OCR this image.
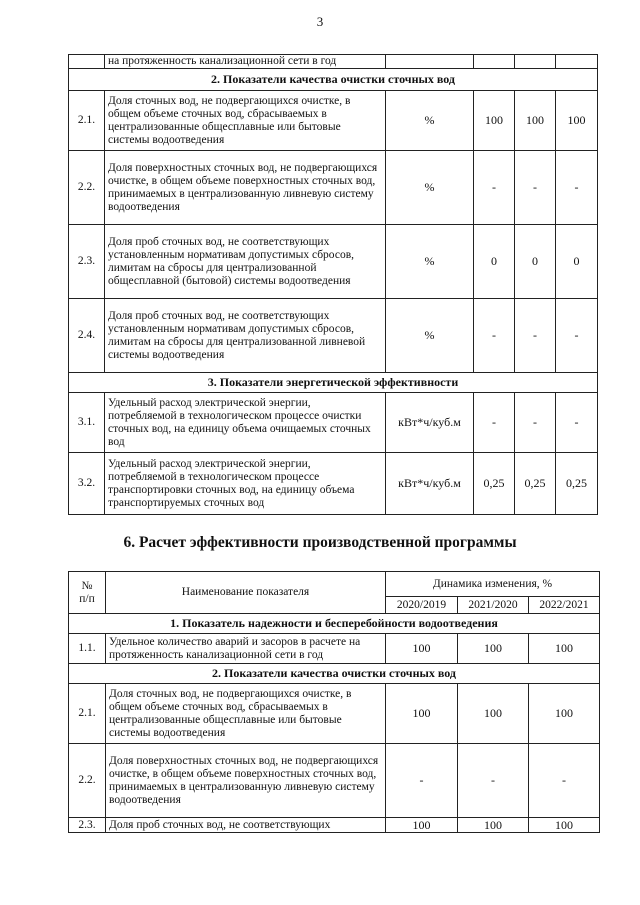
3
	на протяженность канализационной сети в год				
2. Показатели качества очистки сточных вод					
2.1.	Доля сточных вод, не подвергающихся очистке, в общем объеме сточных вод, сбрасываемых в централизованные общесплавные или бытовые системы водоотведения	%	100	100	100
2.2.	Доля поверхностных сточных вод, не подвергающихся очистке, в общем объеме поверхностных сточных вод, принимаемых в централизованную ливневую систему водоотведения	%	-	-	-
2.3.	Доля проб сточных вод, не соответствующих установленным нормативам допустимых сбросов, лимитам на сбросы для централизованной общесплавной (бытовой) системы водоотведения	%	0	0	0
2.4.	Доля проб сточных вод, не соответствующих установленным нормативам допустимых сбросов, лимитам на сбросы для централизованной ливневой системы водоотведения	%	-	-	-
3. Показатели энергетической эффективности					
3.1.	Удельный расход электрической энергии, потребляемой в технологическом процессе очистки сточных вод, на единицу объема очищаемых сточных вод	кВт*ч/куб.м	-	-	-
3.2.	Удельный расход электрической энергии, потребляемой в технологическом процессе транспортировки сточных вод, на единицу объема транспортируемых сточных вод	кВт*ч/куб.м	0,25	0,25	0,25
6. Расчет эффективности производственной программы
№
п/п	Наименование показателя	Динамика изменения, %		
		2020/2019	2021/2020	2022/2021
1. Показатель надежности и бесперебойности водоотведения				
1.1.	Удельное количество аварий и засоров в расчете на протяженность канализационной сети в год	100	100	100
2. Показатели качества очистки сточных вод				
2.1.	Доля сточных вод, не подвергающихся очистке, в общем объеме сточных вод, сбрасываемых в централизованные общесплавные или бытовые системы водоотведения	100	100	100
2.2.	Доля поверхностных сточных вод, не подвергающихся очистке, в общем объеме поверхностных сточных вод, принимаемых в централизованную ливневую систему водоотведения	-	-	-
2.3.	Доля проб сточных вод, не соответствующих	100	100	100
